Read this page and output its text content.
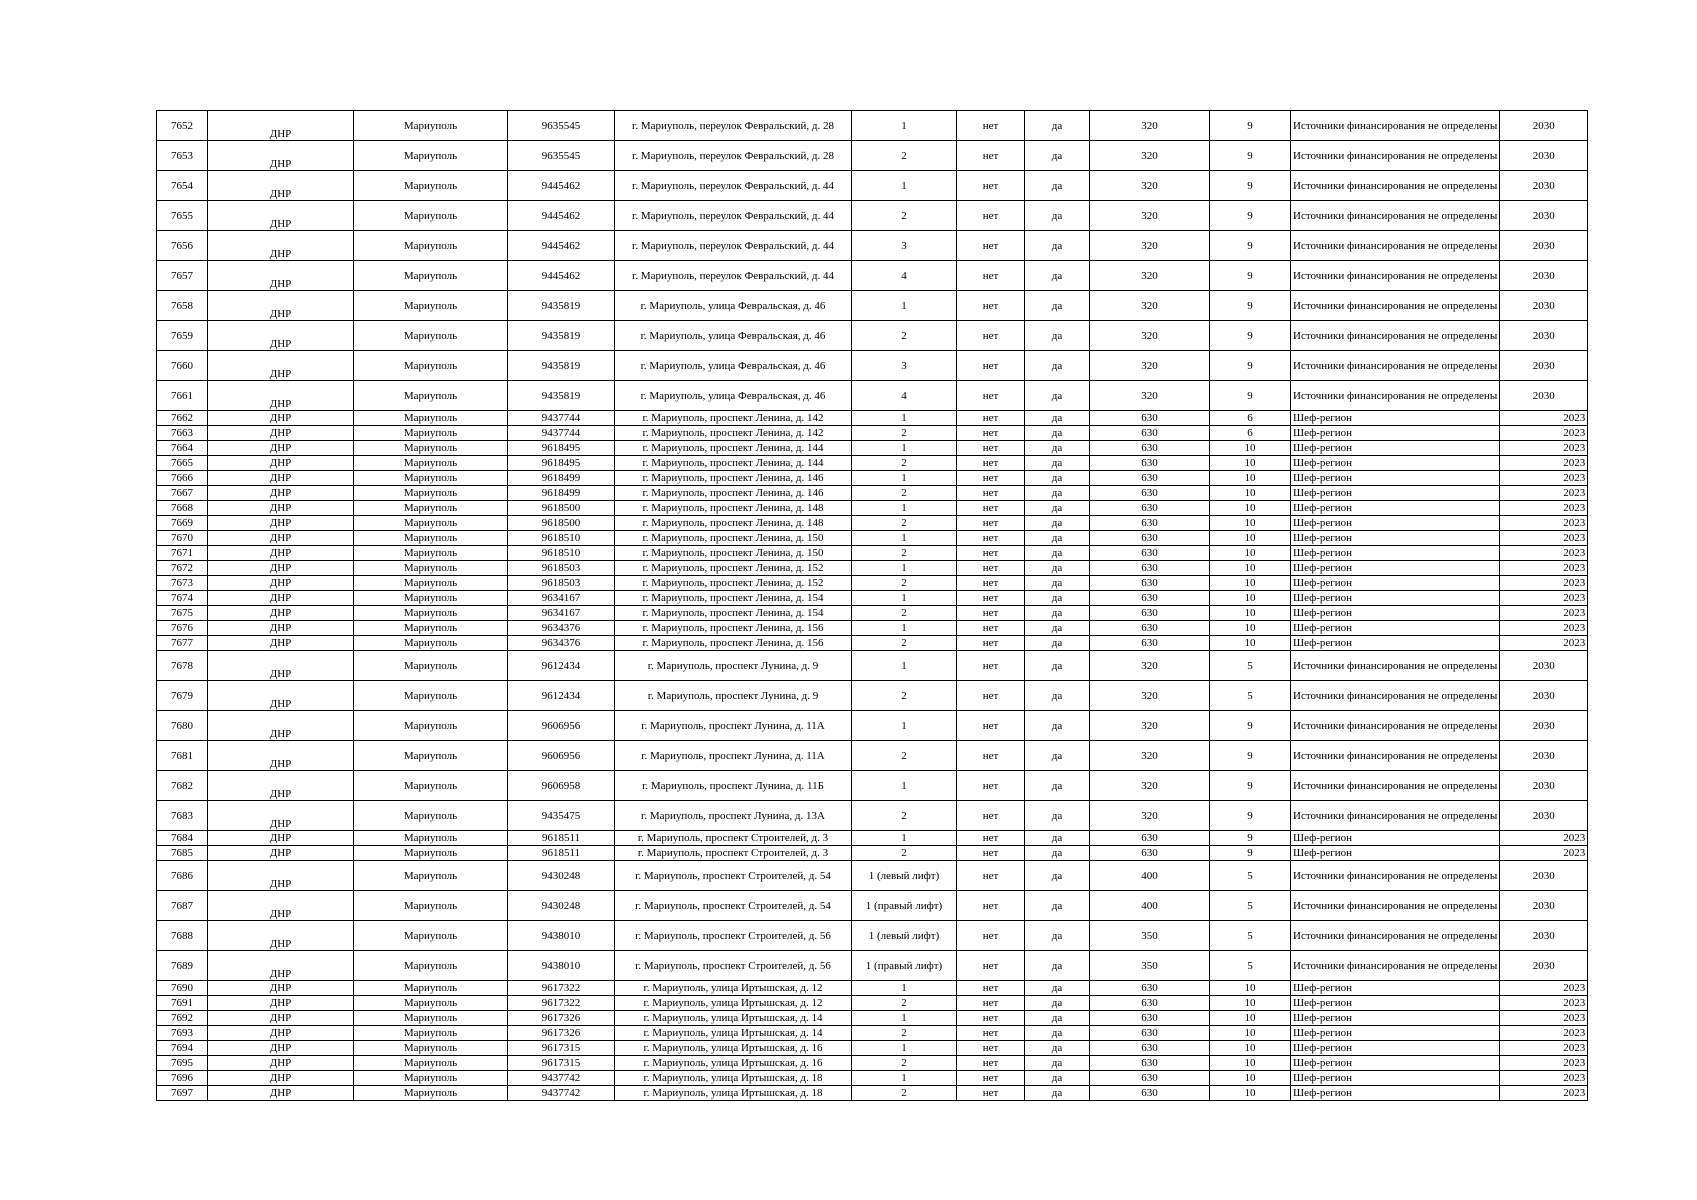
7652	ДНР	Мариуполь	9635545	г. Мариуполь, переулок Февральский, д. 28	1	нет	да	320	9	Источники финансирования не определены	2030
7653	ДНР	Мариуполь	9635545	г. Мариуполь, переулок Февральский, д. 28	2	нет	да	320	9	Источники финансирования не определены	2030
7654	ДНР	Мариуполь	9445462	г. Мариуполь, переулок Февральский, д. 44	1	нет	да	320	9	Источники финансирования не определены	2030
7655	ДНР	Мариуполь	9445462	г. Мариуполь, переулок Февральский, д. 44	2	нет	да	320	9	Источники финансирования не определены	2030
7656	ДНР	Мариуполь	9445462	г. Мариуполь, переулок Февральский, д. 44	3	нет	да	320	9	Источники финансирования не определены	2030
7657	ДНР	Мариуполь	9445462	г. Мариуполь, переулок Февральский, д. 44	4	нет	да	320	9	Источники финансирования не определены	2030
7658	ДНР	Мариуполь	9435819	г. Мариуполь, улица Февральская, д. 46	1	нет	да	320	9	Источники финансирования не определены	2030
7659	ДНР	Мариуполь	9435819	г. Мариуполь, улица Февральская, д. 46	2	нет	да	320	9	Источники финансирования не определены	2030
7660	ДНР	Мариуполь	9435819	г. Мариуполь, улица Февральская, д. 46	3	нет	да	320	9	Источники финансирования не определены	2030
7661	ДНР	Мариуполь	9435819	г. Мариуполь, улица Февральская, д. 46	4	нет	да	320	9	Источники финансирования не определены	2030
7662	ДНР	Мариуполь	9437744	г. Мариуполь, проспект Ленина, д. 142	1	нет	да	630	6	Шеф-регион	2023
7663	ДНР	Мариуполь	9437744	г. Мариуполь, проспект Ленина, д. 142	2	нет	да	630	6	Шеф-регион	2023
7664	ДНР	Мариуполь	9618495	г. Мариуполь, проспект Ленина, д. 144	1	нет	да	630	10	Шеф-регион	2023
7665	ДНР	Мариуполь	9618495	г. Мариуполь, проспект Ленина, д. 144	2	нет	да	630	10	Шеф-регион	2023
7666	ДНР	Мариуполь	9618499	г. Мариуполь, проспект Ленина, д. 146	1	нет	да	630	10	Шеф-регион	2023
7667	ДНР	Мариуполь	9618499	г. Мариуполь, проспект Ленина, д. 146	2	нет	да	630	10	Шеф-регион	2023
7668	ДНР	Мариуполь	9618500	г. Мариуполь, проспект Ленина, д. 148	1	нет	да	630	10	Шеф-регион	2023
7669	ДНР	Мариуполь	9618500	г. Мариуполь, проспект Ленина, д. 148	2	нет	да	630	10	Шеф-регион	2023
7670	ДНР	Мариуполь	9618510	г. Мариуполь, проспект Ленина, д. 150	1	нет	да	630	10	Шеф-регион	2023
7671	ДНР	Мариуполь	9618510	г. Мариуполь, проспект Ленина, д. 150	2	нет	да	630	10	Шеф-регион	2023
7672	ДНР	Мариуполь	9618503	г. Мариуполь, проспект Ленина, д. 152	1	нет	да	630	10	Шеф-регион	2023
7673	ДНР	Мариуполь	9618503	г. Мариуполь, проспект Ленина, д. 152	2	нет	да	630	10	Шеф-регион	2023
7674	ДНР	Мариуполь	9634167	г. Мариуполь, проспект Ленина, д. 154	1	нет	да	630	10	Шеф-регион	2023
7675	ДНР	Мариуполь	9634167	г. Мариуполь, проспект Ленина, д. 154	2	нет	да	630	10	Шеф-регион	2023
7676	ДНР	Мариуполь	9634376	г. Мариуполь, проспект Ленина, д. 156	1	нет	да	630	10	Шеф-регион	2023
7677	ДНР	Мариуполь	9634376	г. Мариуполь, проспект Ленина, д. 156	2	нет	да	630	10	Шеф-регион	2023
7678	ДНР	Мариуполь	9612434	г. Мариуполь, проспект Лунина, д. 9	1	нет	да	320	5	Источники финансирования не определены	2030
7679	ДНР	Мариуполь	9612434	г. Мариуполь, проспект Лунина, д. 9	2	нет	да	320	5	Источники финансирования не определены	2030
7680	ДНР	Мариуполь	9606956	г. Мариуполь, проспект Лунина, д. 11А	1	нет	да	320	9	Источники финансирования не определены	2030
7681	ДНР	Мариуполь	9606956	г. Мариуполь, проспект Лунина, д. 11А	2	нет	да	320	9	Источники финансирования не определены	2030
7682	ДНР	Мариуполь	9606958	г. Мариуполь, проспект Лунина, д. 11Б	1	нет	да	320	9	Источники финансирования не определены	2030
7683	ДНР	Мариуполь	9435475	г. Мариуполь, проспект Лунина, д. 13А	2	нет	да	320	9	Источники финансирования не определены	2030
7684	ДНР	Мариуполь	9618511	г. Мариуполь, проспект Строителей, д. 3	1	нет	да	630	9	Шеф-регион	2023
7685	ДНР	Мариуполь	9618511	г. Мариуполь, проспект Строителей, д. 3	2	нет	да	630	9	Шеф-регион	2023
7686	ДНР	Мариуполь	9430248	г. Мариуполь, проспект Строителей, д. 54	1 (левый лифт)	нет	да	400	5	Источники финансирования не определены	2030
7687	ДНР	Мариуполь	9430248	г. Мариуполь, проспект Строителей, д. 54	1 (правый лифт)	нет	да	400	5	Источники финансирования не определены	2030
7688	ДНР	Мариуполь	9438010	г. Мариуполь, проспект Строителей, д. 56	1 (левый лифт)	нет	да	350	5	Источники финансирования не определены	2030
7689	ДНР	Мариуполь	9438010	г. Мариуполь, проспект Строителей, д. 56	1 (правый лифт)	нет	да	350	5	Источники финансирования не определены	2030
7690	ДНР	Мариуполь	9617322	г. Мариуполь, улица Иртышская, д. 12	1	нет	да	630	10	Шеф-регион	2023
7691	ДНР	Мариуполь	9617322	г. Мариуполь, улица Иртышская, д. 12	2	нет	да	630	10	Шеф-регион	2023
7692	ДНР	Мариуполь	9617326	г. Мариуполь, улица Иртышская, д. 14	1	нет	да	630	10	Шеф-регион	2023
7693	ДНР	Мариуполь	9617326	г. Мариуполь, улица Иртышская, д. 14	2	нет	да	630	10	Шеф-регион	2023
7694	ДНР	Мариуполь	9617315	г. Мариуполь, улица Иртышская, д. 16	1	нет	да	630	10	Шеф-регион	2023
7695	ДНР	Мариуполь	9617315	г. Мариуполь, улица Иртышская, д. 16	2	нет	да	630	10	Шеф-регион	2023
7696	ДНР	Мариуполь	9437742	г. Мариуполь, улица Иртышская, д. 18	1	нет	да	630	10	Шеф-регион	2023
7697	ДНР	Мариуполь	9437742	г. Мариуполь, улица Иртышская, д. 18	2	нет	да	630	10	Шеф-регион	2023
